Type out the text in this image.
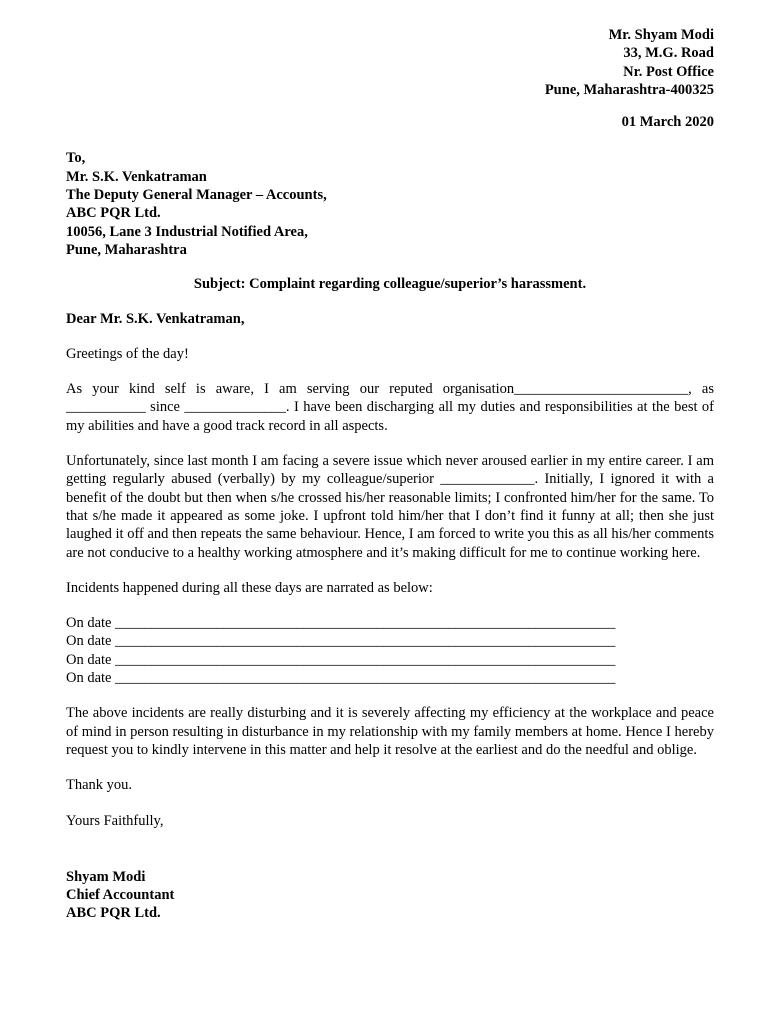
Mr. Shyam Modi
33, M.G. Road
Nr. Post Office
Pune, Maharashtra-400325
01 March 2020
To,
Mr. S.K. Venkatraman
The Deputy General Manager – Accounts,
ABC PQR Ltd.
10056, Lane 3 Industrial Notified Area,
Pune, Maharashtra
Subject: Complaint regarding colleague/superior’s harassment.
Dear Mr. S.K. Venkatraman,

Greetings of the day!

As your kind self is aware, I am serving our reputed organisation________________________, as ___________ since ______________. I have been discharging all my duties and responsibilities at the best of my abilities and have a good track record in all aspects.

Unfortunately, since last month I am facing a severe issue which never aroused earlier in my entire career. I am getting regularly abused (verbally) by my colleague/superior _____________. Initially, I ignored it with a benefit of the doubt but then when s/he crossed his/her reasonable limits; I confronted him/her for the same. To that s/he made it appeared as some joke. I upfront told him/her that I don’t find it funny at all; then she just laughed it off and then repeats the same behaviour. Hence, I am forced to write you this as all his/her comments are not conducive to a healthy working atmosphere and it’s making difficult for me to continue working here.

Incidents happened during all these days are narrated as below:

On date _____________________________________________________________________
On date _____________________________________________________________________
On date _____________________________________________________________________
On date _____________________________________________________________________

The above incidents are really disturbing and it is severely affecting my efficiency at the workplace and peace of mind in person resulting in disturbance in my relationship with my family members at home. Hence I hereby request you to kindly intervene in this matter and help it resolve at the earliest and do the needful and oblige.

Thank you.

Yours Faithfully,

Shyam Modi
Chief Accountant
ABC PQR Ltd.
